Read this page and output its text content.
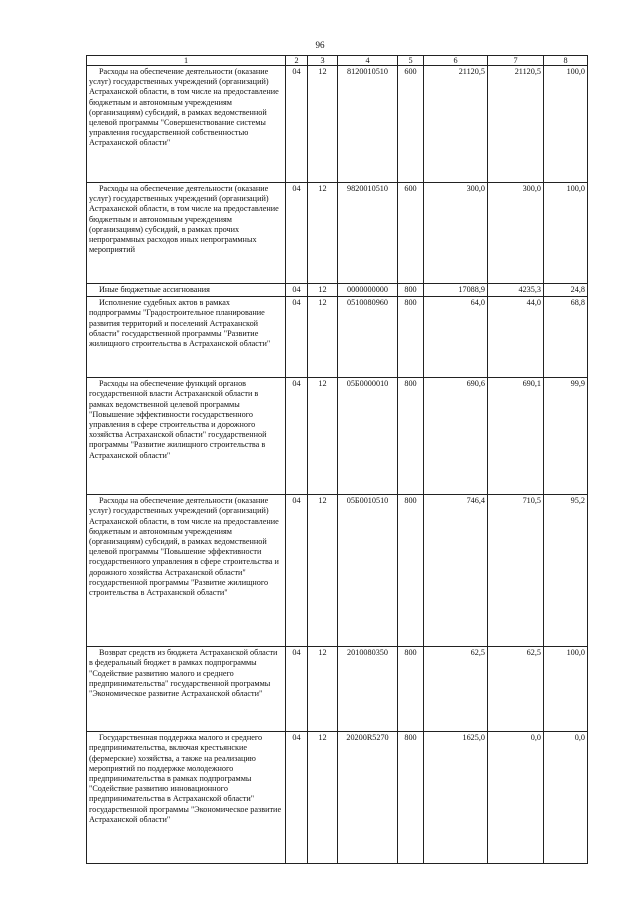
96
1	2	3	4	5	6	7	8
Расходы на обеспечение деятельности (оказание услуг) государственных учреждений (организаций) Астраханской области, в том числе на предоставление бюджетным и автономным учреждениям (организациям) субсидий, в рамках ведомственной целевой программы "Совершенствование системы управления государственной собственностью Астраханской области"	04	12	8120010510	600	21120,5	21120,5	100,0
Расходы на обеспечение деятельности (оказание услуг) государственных учреждений (организаций) Астраханской области, в том числе на предоставление бюджетным и автономным учреждениям (организациям) субсидий, в рамках прочих непрограммных расходов иных непрограммных мероприятий	04	12	9820010510	600	300,0	300,0	100,0
Иные бюджетные ассигнования	04	12	0000000000	800	17088,9	4235,3	24,8
Исполнение судебных актов в рамках подпрограммы "Градостроительное планирование развития территорий и поселений Астраханской области" государственной программы "Развитие жилищного строительства в Астраханской области"	04	12	0510080960	800	64,0	44,0	68,8
Расходы на обеспечение функций органов государственной власти Астраханской области в рамках ведомственной целевой программы "Повышение эффективности государственного управления в сфере строительства и дорожного хозяйства Астраханской области" государственной программы "Развитие жилищного строительства в Астраханской области"	04	12	05Б0000010	800	690,6	690,1	99,9
Расходы на обеспечение деятельности (оказание услуг) государственных учреждений (организаций) Астраханской области, в том числе на предоставление бюджетным и автономным учреждениям (организациям) субсидий, в рамках ведомственной целевой программы "Повышение эффективности государственного управления в сфере строительства и дорожного хозяйства Астраханской области" государственной программы "Развитие жилищного строительства в Астраханской области"	04	12	05Б0010510	800	746,4	710,5	95,2
Возврат средств из бюджета Астраханской области в федеральный бюджет в рамках подпрограммы "Содействие развитию малого и среднего предпринимательства" государственной программы "Экономическое развитие Астраханской области"	04	12	2010080350	800	62,5	62,5	100,0
Государственная поддержка малого и среднего предпринимательства, включая крестьянские (фермерские) хозяйства, а также на реализацию мероприятий по поддержке молодежного предпринимательства в рамках подпрограммы "Содействие развитию инновационного предпринимательства в Астраханской области" государственной программы "Экономическое развитие Астраханской области"	04	12	20200R5270	800	1625,0	0,0	0,0
